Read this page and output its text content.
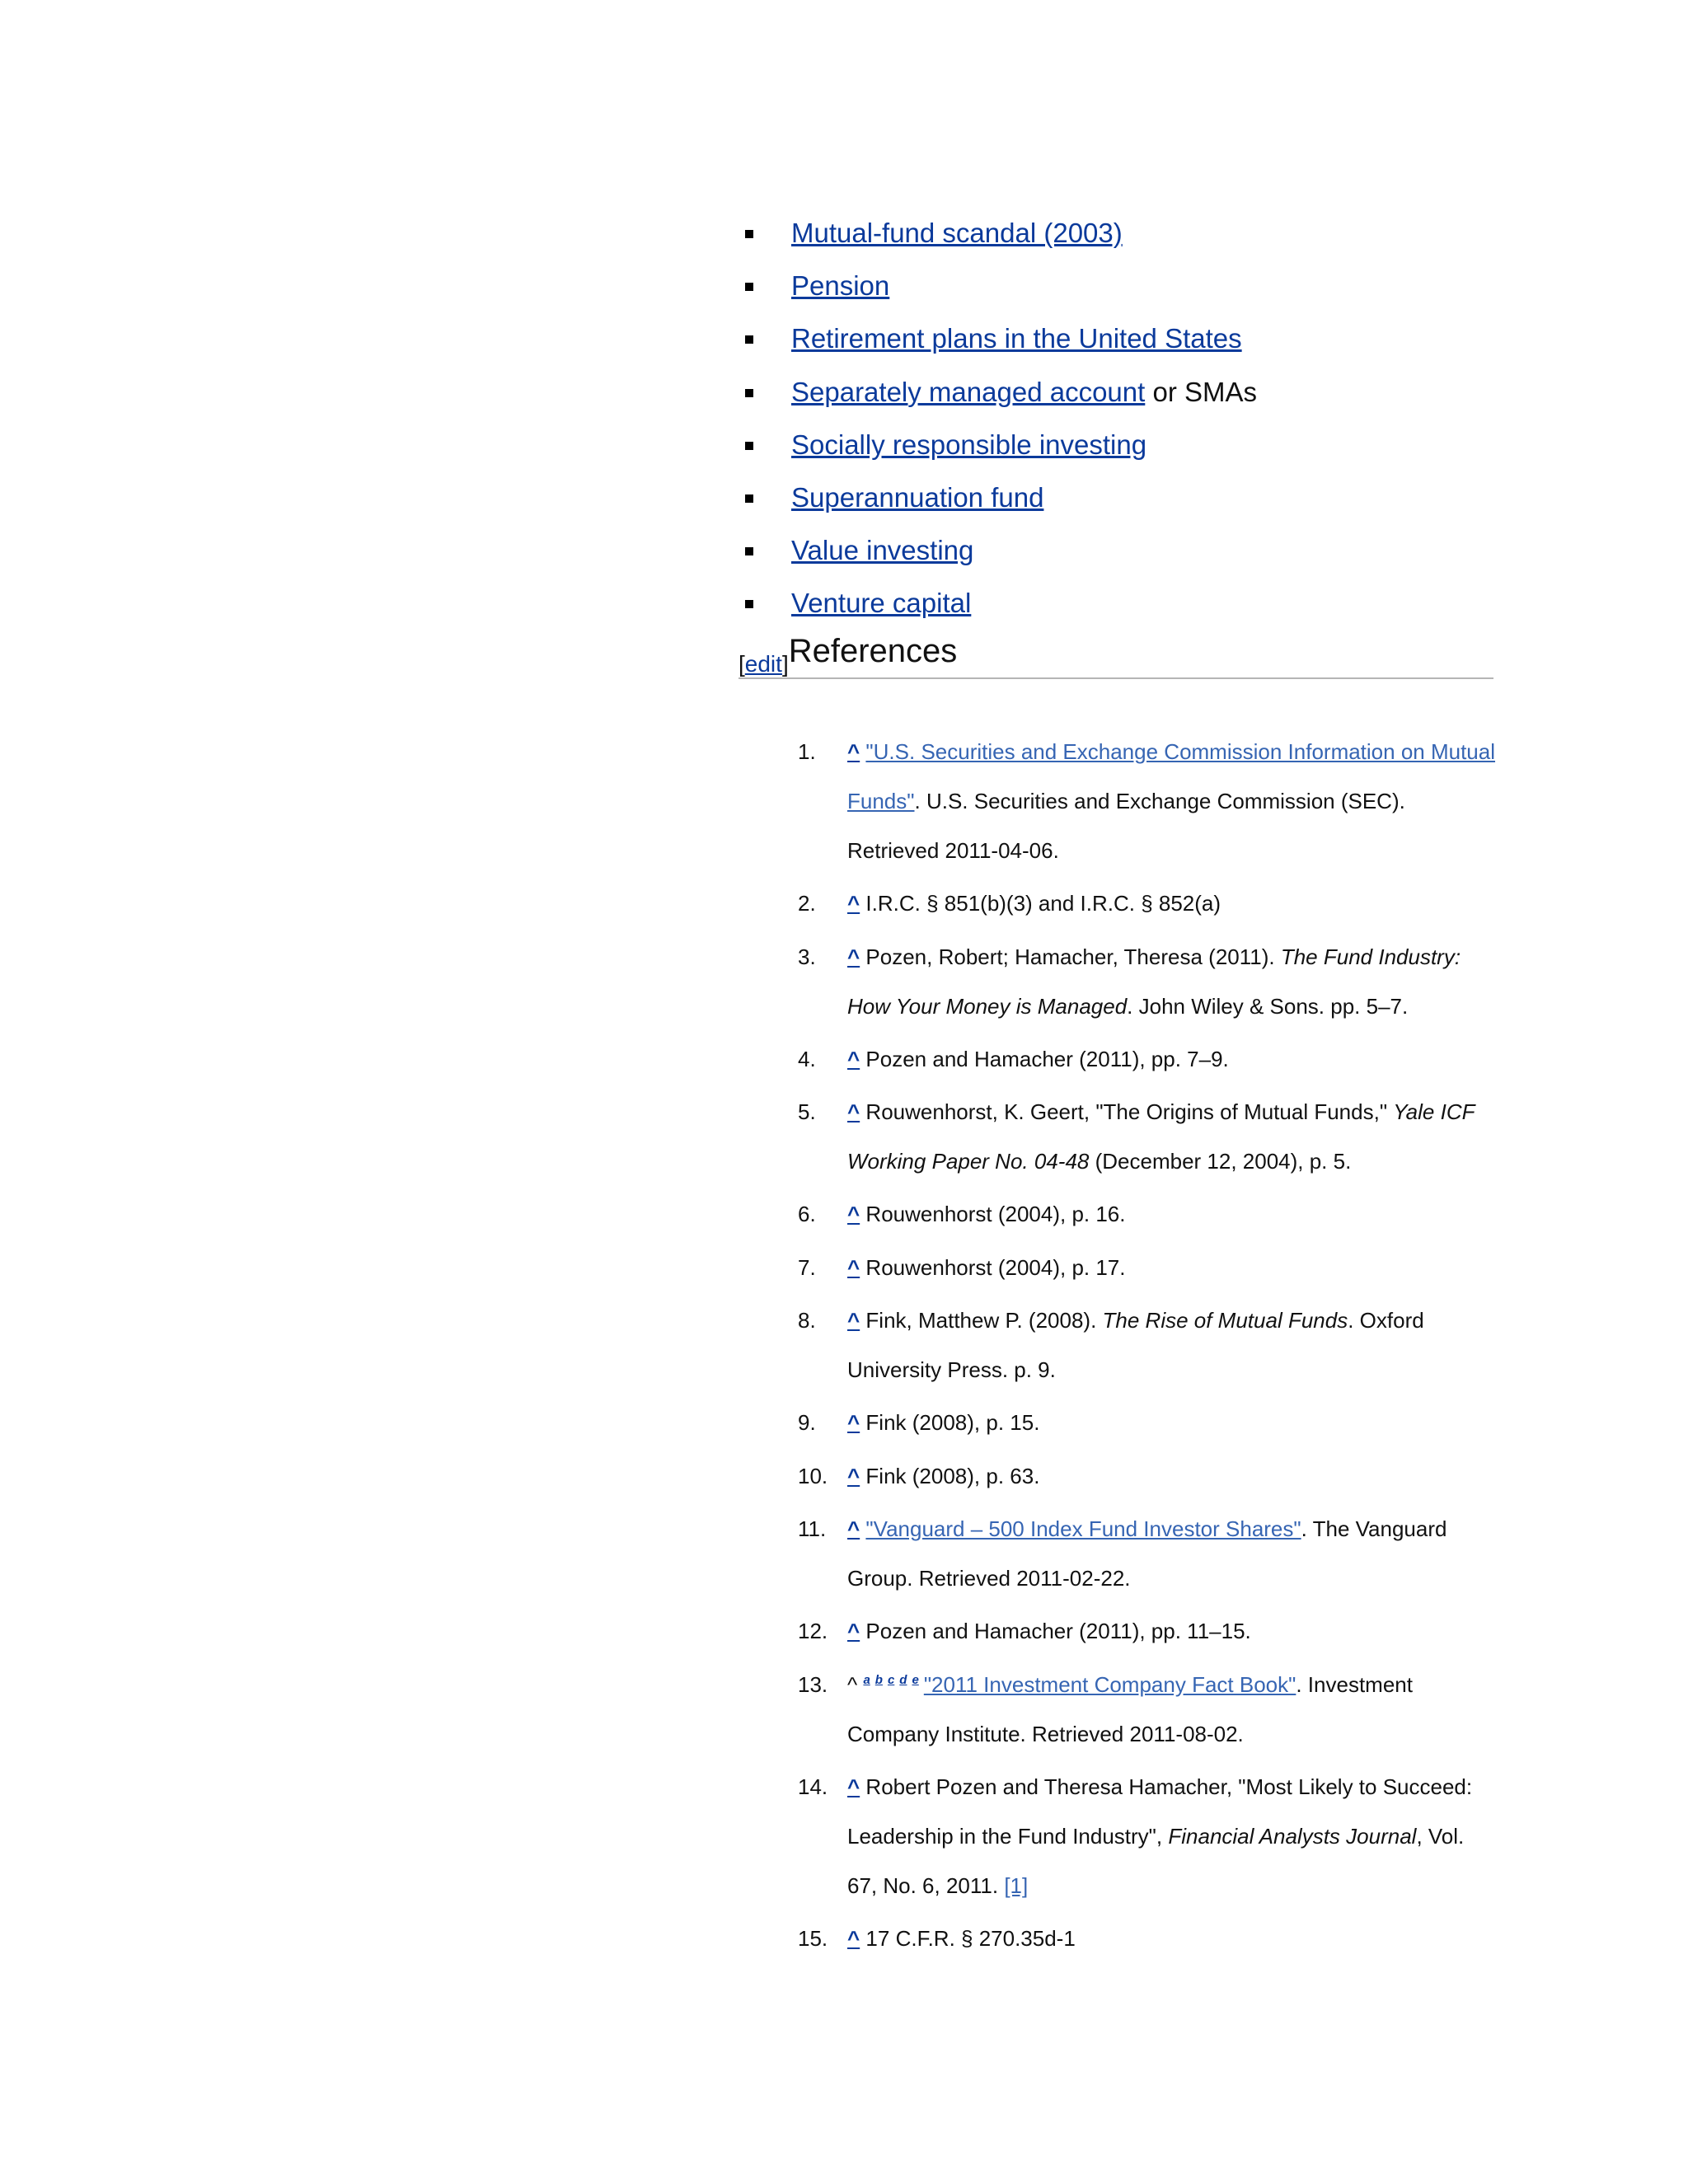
Mutual-fund scandal (2003)
Pension
Retirement plans in the United States
Separately managed account or SMAs
Socially responsible investing
Superannuation fund
Value investing
Venture capital
[edit]References
1. ^ "U.S. Securities and Exchange Commission Information on Mutual Funds". U.S. Securities and Exchange Commission (SEC). Retrieved 2011-04-06.
2. ^ I.R.C. § 851(b)(3) and I.R.C. § 852(a)
3. ^ Pozen, Robert; Hamacher, Theresa (2011). The Fund Industry: How Your Money is Managed. John Wiley & Sons. pp. 5–7.
4. ^ Pozen and Hamacher (2011), pp. 7–9.
5. ^ Rouwenhorst, K. Geert, "The Origins of Mutual Funds," Yale ICF Working Paper No. 04-48 (December 12, 2004), p. 5.
6. ^ Rouwenhorst (2004), p. 16.
7. ^ Rouwenhorst (2004), p. 17.
8. ^ Fink, Matthew P. (2008). The Rise of Mutual Funds. Oxford University Press. p. 9.
9. ^ Fink (2008), p. 15.
10. ^ Fink (2008), p. 63.
11. ^ "Vanguard – 500 Index Fund Investor Shares". The Vanguard Group. Retrieved 2011-02-22.
12. ^ Pozen and Hamacher (2011), pp. 11–15.
13. ^ $^{a b c d e}$ "2011 Investment Company Fact Book". Investment Company Institute. Retrieved 2011-08-02.
14. ^ Robert Pozen and Theresa Hamacher, "Most Likely to Succeed: Leadership in the Fund Industry", Financial Analysts Journal, Vol. 67, No. 6, 2011. [1]
15. ^ 17 C.F.R. § 270.35d-1
